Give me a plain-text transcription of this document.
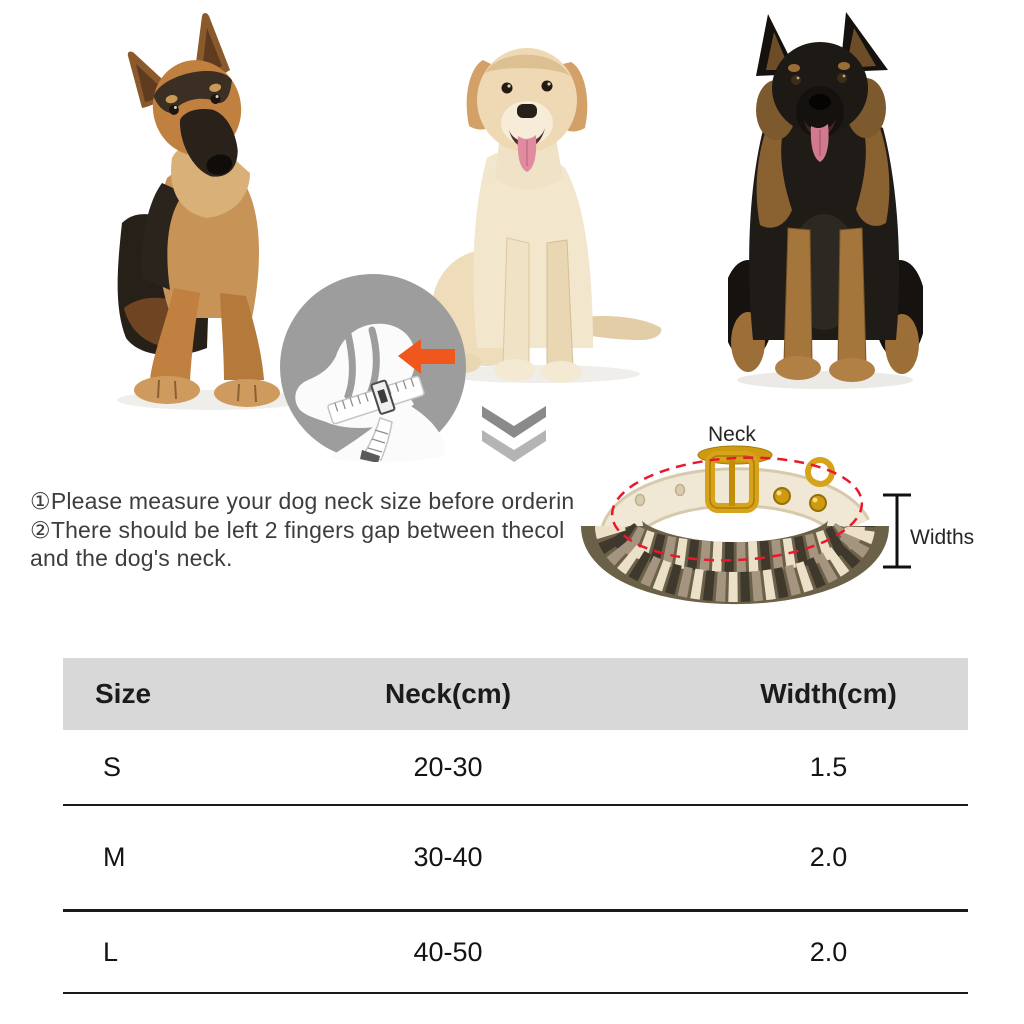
①Please measure your dog neck size before orderin
②There should be left 2 fingers gap between thecol
and the dog's neck.
Neck
Widths
Size	Neck(cm)	Width(cm)
S	20-30	1.5
M	30-40	2.0
L	40-50	2.0
